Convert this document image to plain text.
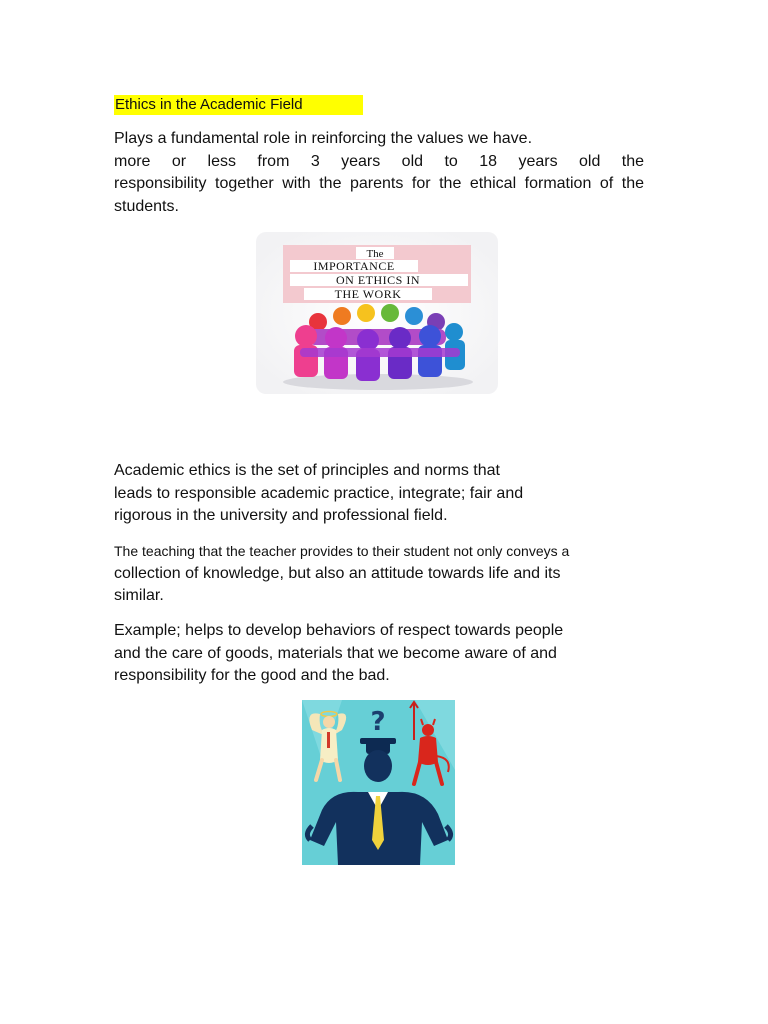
Ethics in the Academic Field
Plays a fundamental role in reinforcing the values we have.
more or less from 3 years old to 18 years old the
responsibility together with the parents for the ethical formation of the
students.
The
IMPORTANCE
ON ETHICS IN
THE WORK
Academic ethics is the set of principles and norms that
leads to responsible academic practice, integrate; fair and
rigorous in the university and professional field.
The teaching that the teacher provides to their student not only conveys a
collection of knowledge, but also an attitude towards life and its
similar.
Example; helps to develop behaviors of respect towards people
and the care of goods, materials that we become aware of and
responsibility for the good and the bad.
?
